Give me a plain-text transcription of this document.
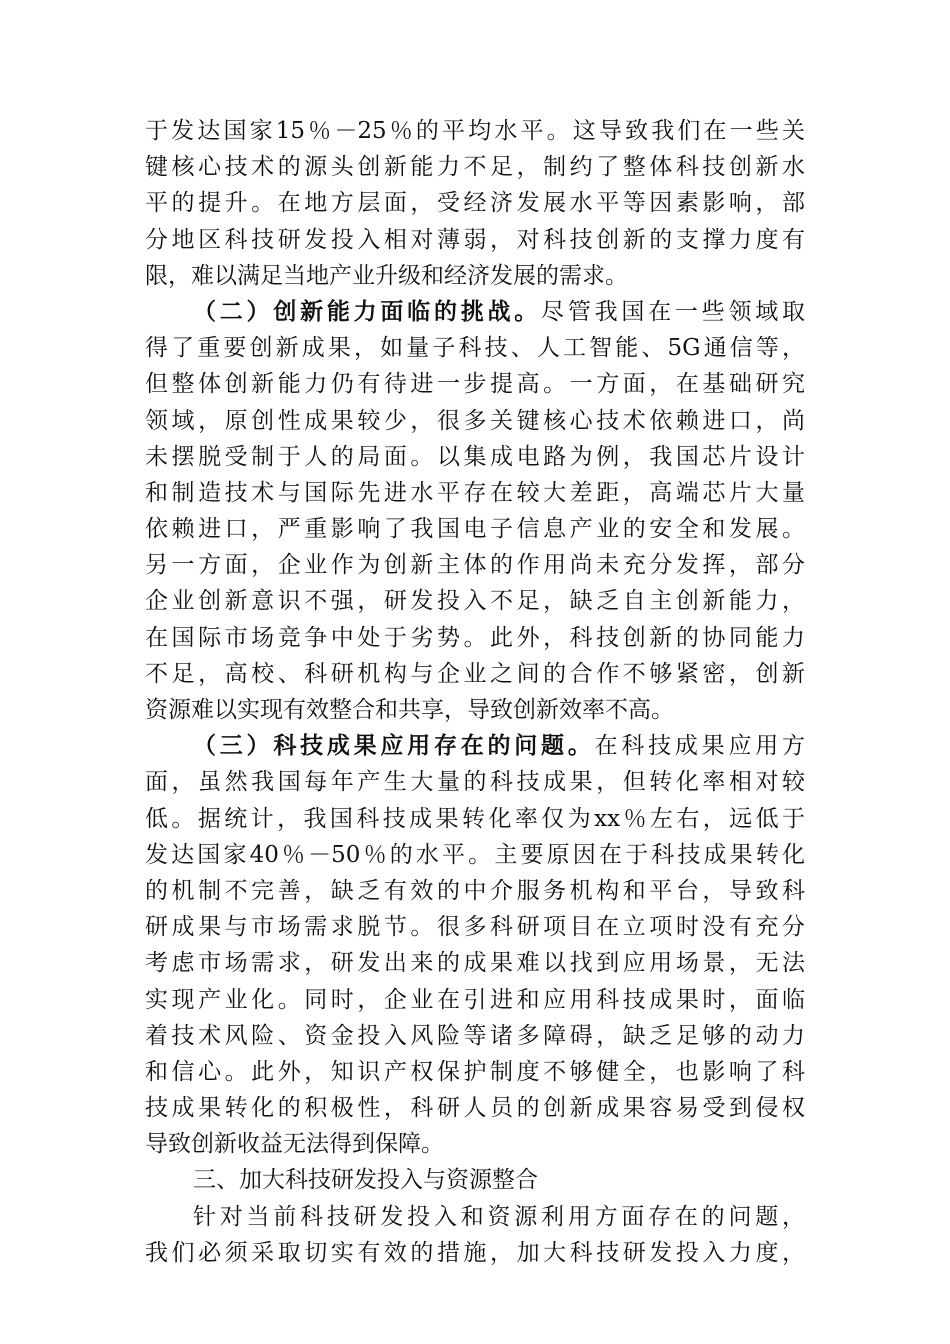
于发达国家15％－25％的平均水平。这导致我们在一些关
键核心技术的源头创新能力不足，制约了整体科技创新水
平的提升。在地方层面，受经济发展水平等因素影响，部
分地区科技研发投入相对薄弱，对科技创新的支撑力度有
限，难以满足当地产业升级和经济发展的需求。
（二）创新能力面临的挑战。尽管我国在一些领域取
得了重要创新成果，如量子科技、人工智能、5G通信等，
但整体创新能力仍有待进一步提高。一方面，在基础研究
领域，原创性成果较少，很多关键核心技术依赖进口，尚
未摆脱受制于人的局面。以集成电路为例，我国芯片设计
和制造技术与国际先进水平存在较大差距，高端芯片大量
依赖进口，严重影响了我国电子信息产业的安全和发展。
另一方面，企业作为创新主体的作用尚未充分发挥，部分
企业创新意识不强，研发投入不足，缺乏自主创新能力，
在国际市场竞争中处于劣势。此外，科技创新的协同能力
不足，高校、科研机构与企业之间的合作不够紧密，创新
资源难以实现有效整合和共享，导致创新效率不高。
（三）科技成果应用存在的问题。在科技成果应用方
面，虽然我国每年产生大量的科技成果，但转化率相对较
低。据统计，我国科技成果转化率仅为xx％左右，远低于
发达国家40％－50％的水平。主要原因在于科技成果转化
的机制不完善，缺乏有效的中介服务机构和平台，导致科
研成果与市场需求脱节。很多科研项目在立项时没有充分
考虑市场需求，研发出来的成果难以找到应用场景，无法
实现产业化。同时，企业在引进和应用科技成果时，面临
着技术风险、资金投入风险等诸多障碍，缺乏足够的动力
和信心。此外，知识产权保护制度不够健全，也影响了科
技成果转化的积极性，科研人员的创新成果容易受到侵权
导致创新收益无法得到保障。
三、加大科技研发投入与资源整合
针对当前科技研发投入和资源利用方面存在的问题，
我们必须采取切实有效的措施，加大科技研发投入力度，
